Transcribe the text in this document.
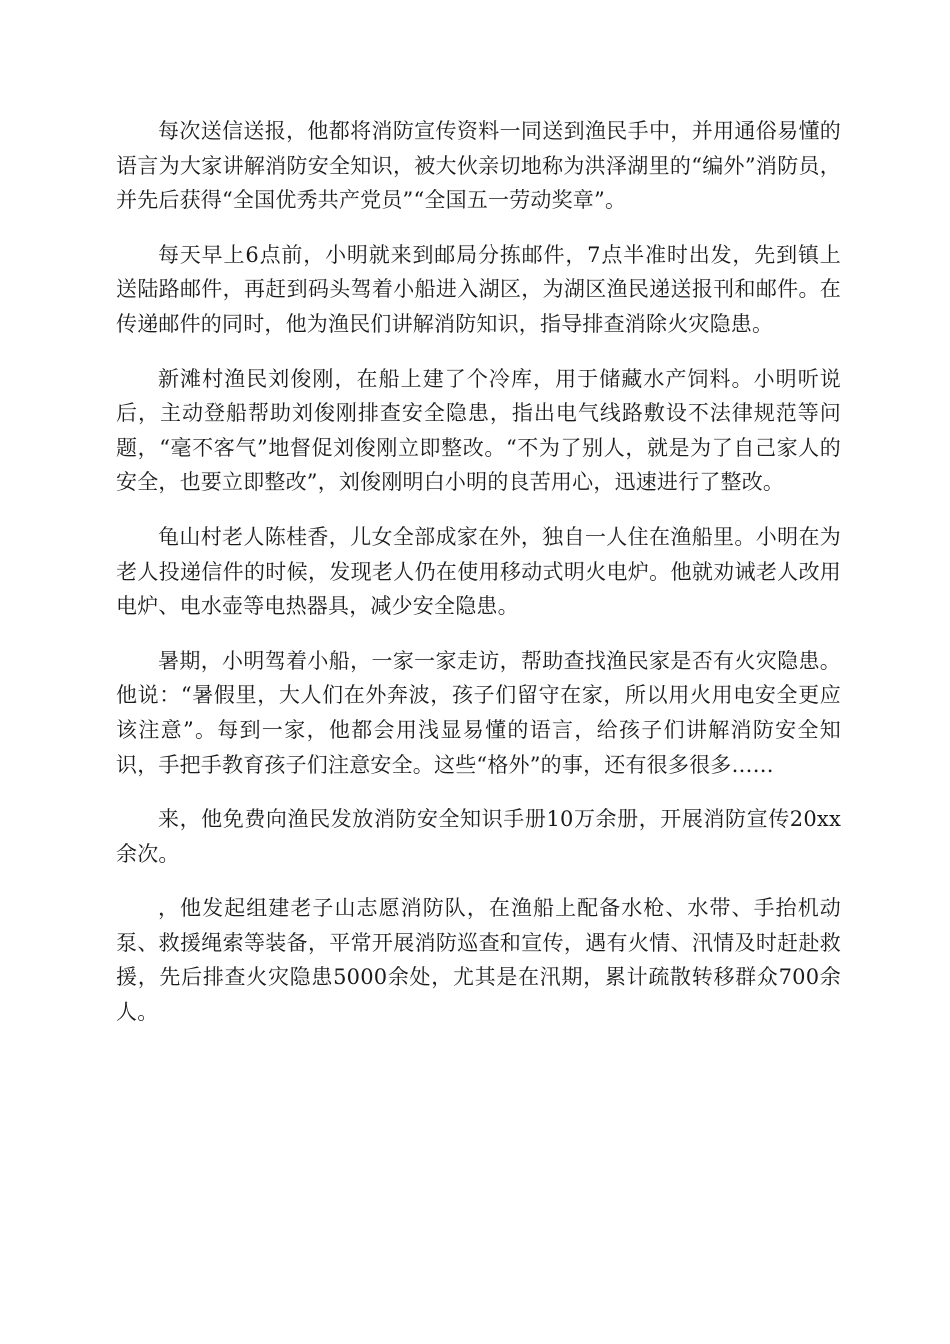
每次送信送报，他都将消防宣传资料一同送到渔民手中，并用通俗易懂的语言为大家讲解消防安全知识，被大伙亲切地称为洪泽湖里的“编外”消防员，并先后获得“全国优秀共产党员”“全国五一劳动奖章”。

每天早上6点前，小明就来到邮局分拣邮件，7点半准时出发，先到镇上送陆路邮件，再赶到码头驾着小船进入湖区，为湖区渔民递送报刊和邮件。在传递邮件的同时，他为渔民们讲解消防知识，指导排查消除火灾隐患。

新滩村渔民刘俊刚，在船上建了个冷库，用于储藏水产饲料。小明听说后，主动登船帮助刘俊刚排查安全隐患，指出电气线路敷设不法律规范等问题，“毫不客气”地督促刘俊刚立即整改。“不为了别人，就是为了自己家人的安全，也要立即整改”，刘俊刚明白小明的良苦用心，迅速进行了整改。

龟山村老人陈桂香，儿女全部成家在外，独自一人住在渔船里。小明在为老人投递信件的时候，发现老人仍在使用移动式明火电炉。他就劝诫老人改用电炉、电水壶等电热器具，减少安全隐患。

暑期，小明驾着小船，一家一家走访，帮助查找渔民家是否有火灾隐患。他说：“暑假里，大人们在外奔波，孩子们留守在家，所以用火用电安全更应该注意”。每到一家，他都会用浅显易懂的语言，给孩子们讲解消防安全知识，手把手教育孩子们注意安全。这些“格外”的事，还有很多很多……

来，他免费向渔民发放消防安全知识手册10万余册，开展消防宣传20xx余次。

，他发起组建老子山志愿消防队，在渔船上配备水枪、水带、手抬机动泵、救援绳索等装备，平常开展消防巡查和宣传，遇有火情、汛情及时赶赴救援，先后排查火灾隐患5000余处，尤其是在汛期，累计疏散转移群众700余人。
